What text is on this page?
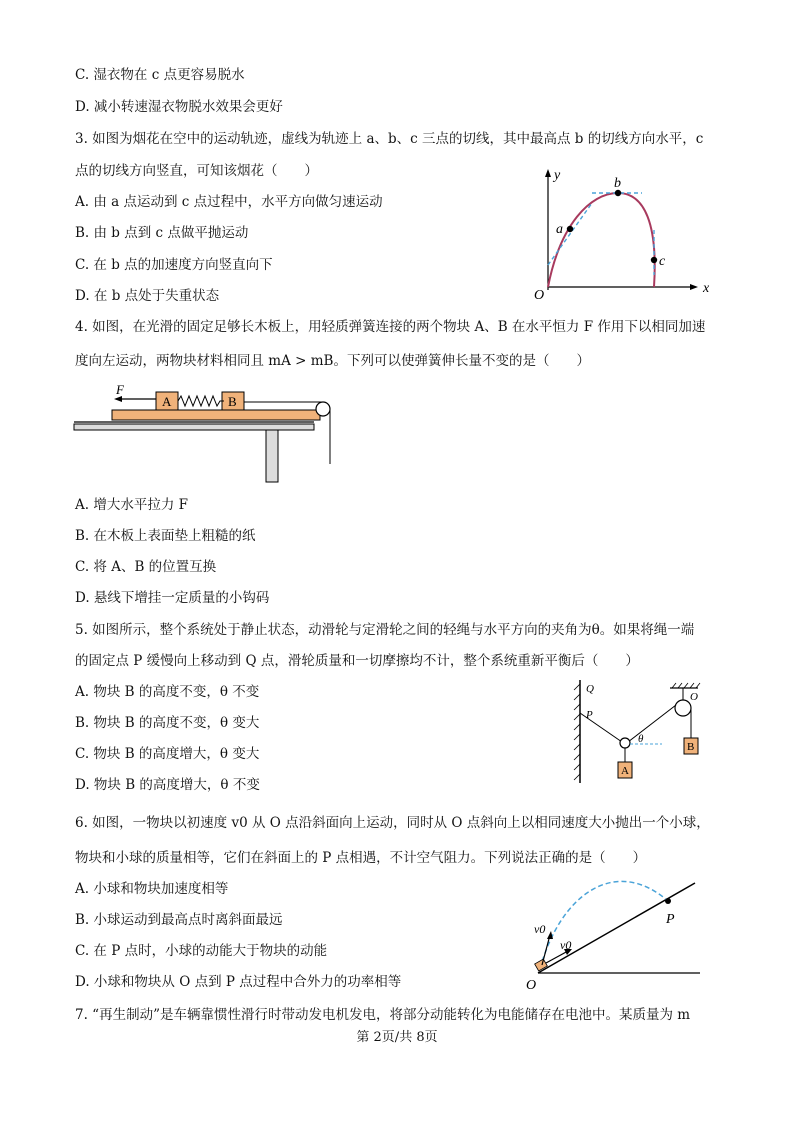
C. 湿衣物在 c 点更容易脱水
D. 减小转速湿衣物脱水效果会更好
3. 如图为烟花在空中的运动轨迹，虚线为轨迹上 a、b、c 三点的切线，其中最高点 b 的切线方向水平，c
点的切线方向竖直，可知该烟花（　　）
A. 由 a 点运动到 c 点过程中，水平方向做匀速运动
B. 由 b 点到 c 点做平抛运动
C. 在 b 点的加速度方向竖直向下
D. 在 b 点处于失重状态
y
x
O
a
b
c
4. 如图，在光滑的固定足够长木板上，用轻质弹簧连接的两个物块 A、B 在水平恒力 F 作用下以相同加速
度向左运动，两物块材料相同且 mA > mB。下列可以使弹簧伸长量不变的是（　　）
F
A	B
A. 增大水平拉力 F
B. 在木板上表面垫上粗糙的纸
C. 将 A、B 的位置互换
D. 悬线下增挂一定质量的小钩码
5. 如图所示，整个系统处于静止状态，动滑轮与定滑轮之间的轻绳与水平方向的夹角为θ。如果将绳一端
的固定点 P 缓慢向上移动到 Q 点，滑轮质量和一切摩擦均不计，整个系统重新平衡后（　　）
A. 物块 B 的高度不变，θ 不变
B. 物块 B 的高度不变，θ 变大
C. 物块 B 的高度增大，θ 变大
D. 物块 B 的高度增大，θ 不变
Q
P
O
θ
A
B
6. 如图，一物块以初速度 v0 从 O 点沿斜面向上运动，同时从 O 点斜向上以相同速度大小抛出一个小球，
物块和小球的质量相等，它们在斜面上的 P 点相遇，不计空气阻力。下列说法正确的是（　　）
A. 小球和物块加速度相等
B. 小球运动到最高点时离斜面最远
C. 在 P 点时，小球的动能大于物块的动能
D. 小球和物块从 O 点到 P 点过程中合外力的功率相等
v0
v0
O
P
7. “再生制动”是车辆靠惯性滑行时带动发电机发电，将部分动能转化为电能储存在电池中。某质量为 m
第 2页/共 8页
